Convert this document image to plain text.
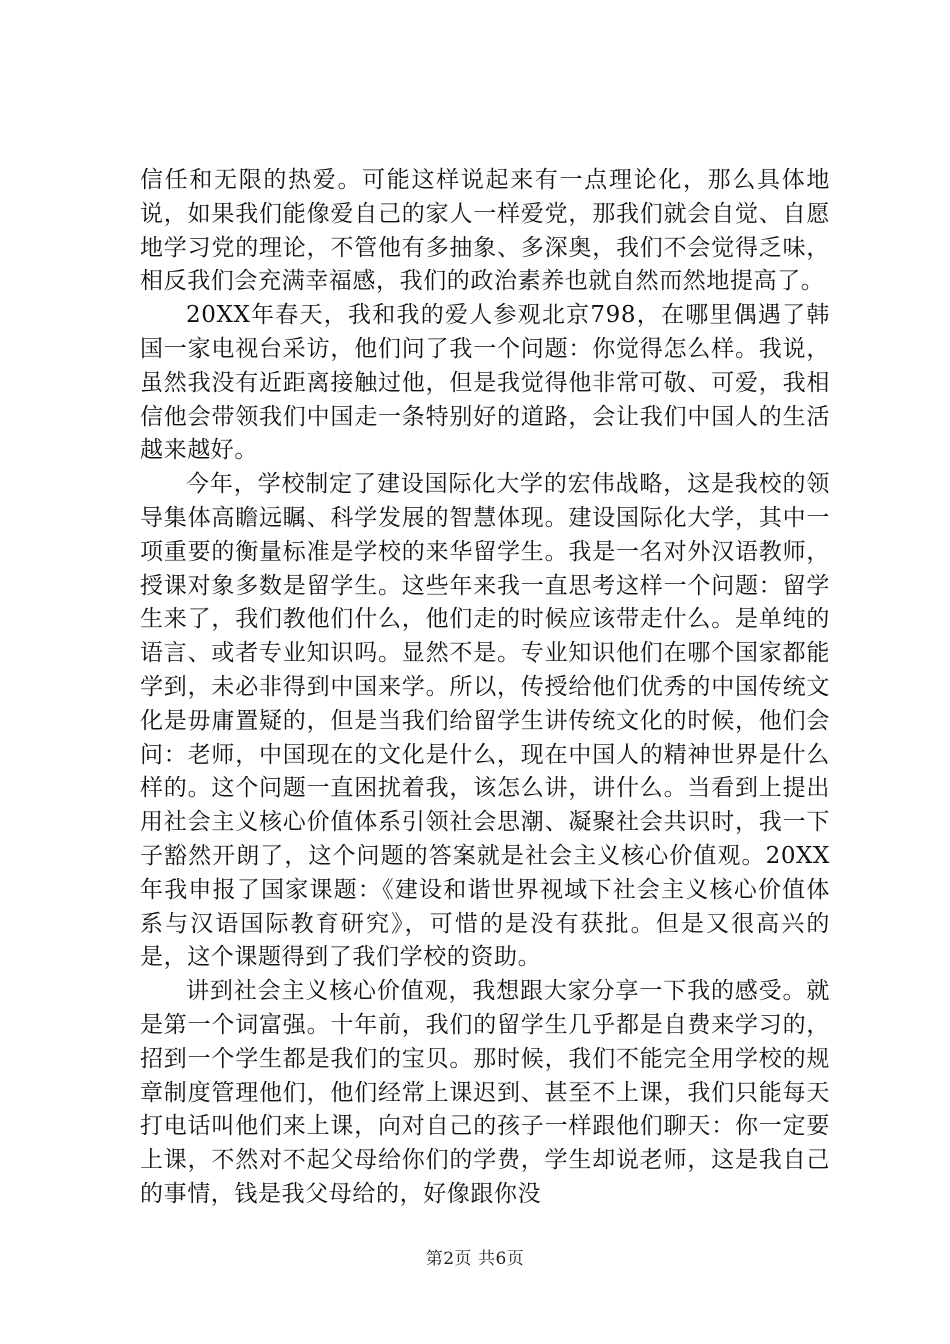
信任和无限的热爱。可能这样说起来有一点理论化，那么具体地说，如果我们能像爱自己的家人一样爱党，那我们就会自觉、自愿地学习党的理论，不管他有多抽象、多深奥，我们不会觉得乏味，相反我们会充满幸福感，我们的政治素养也就自然而然地提高了。

20XX年春天，我和我的爱人参观北京798，在哪里偶遇了韩国一家电视台采访，他们问了我一个问题：你觉得怎么样。我说，虽然我没有近距离接触过他，但是我觉得他非常可敬、可爱，我相信他会带领我们中国走一条特别好的道路，会让我们中国人的生活越来越好。

今年，学校制定了建设国际化大学的宏伟战略，这是我校的领导集体高瞻远瞩、科学发展的智慧体现。建设国际化大学，其中一项重要的衡量标准是学校的来华留学生。我是一名对外汉语教师，授课对象多数是留学生。这些年来我一直思考这样一个问题：留学生来了，我们教他们什么，他们走的时候应该带走什么。是单纯的语言、或者专业知识吗。显然不是。专业知识他们在哪个国家都能学到，未必非得到中国来学。所以，传授给他们优秀的中国传统文化是毋庸置疑的，但是当我们给留学生讲传统文化的时候，他们会问：老师，中国现在的文化是什么，现在中国人的精神世界是什么样的。这个问题一直困扰着我，该怎么讲，讲什么。当看到上提出用社会主义核心价值体系引领社会思潮、凝聚社会共识时，我一下子豁然开朗了，这个问题的答案就是社会主义核心价值观。20XX年我申报了国家课题：《建设和谐世界视域下社会主义核心价值体系与汉语国际教育研究》，可惜的是没有获批。但是又很高兴的是，这个课题得到了我们学校的资助。

讲到社会主义核心价值观，我想跟大家分享一下我的感受。就是第一个词富强。十年前，我们的留学生几乎都是自费来学习的，招到一个学生都是我们的宝贝。那时候，我们不能完全用学校的规章制度管理他们，他们经常上课迟到、甚至不上课，我们只能每天打电话叫他们来上课，向对自己的孩子一样跟他们聊天：你一定要上课，不然对不起父母给你们的学费，学生却说老师，这是我自己的事情，钱是我父母给的，好像跟你没

第2页 共6页
